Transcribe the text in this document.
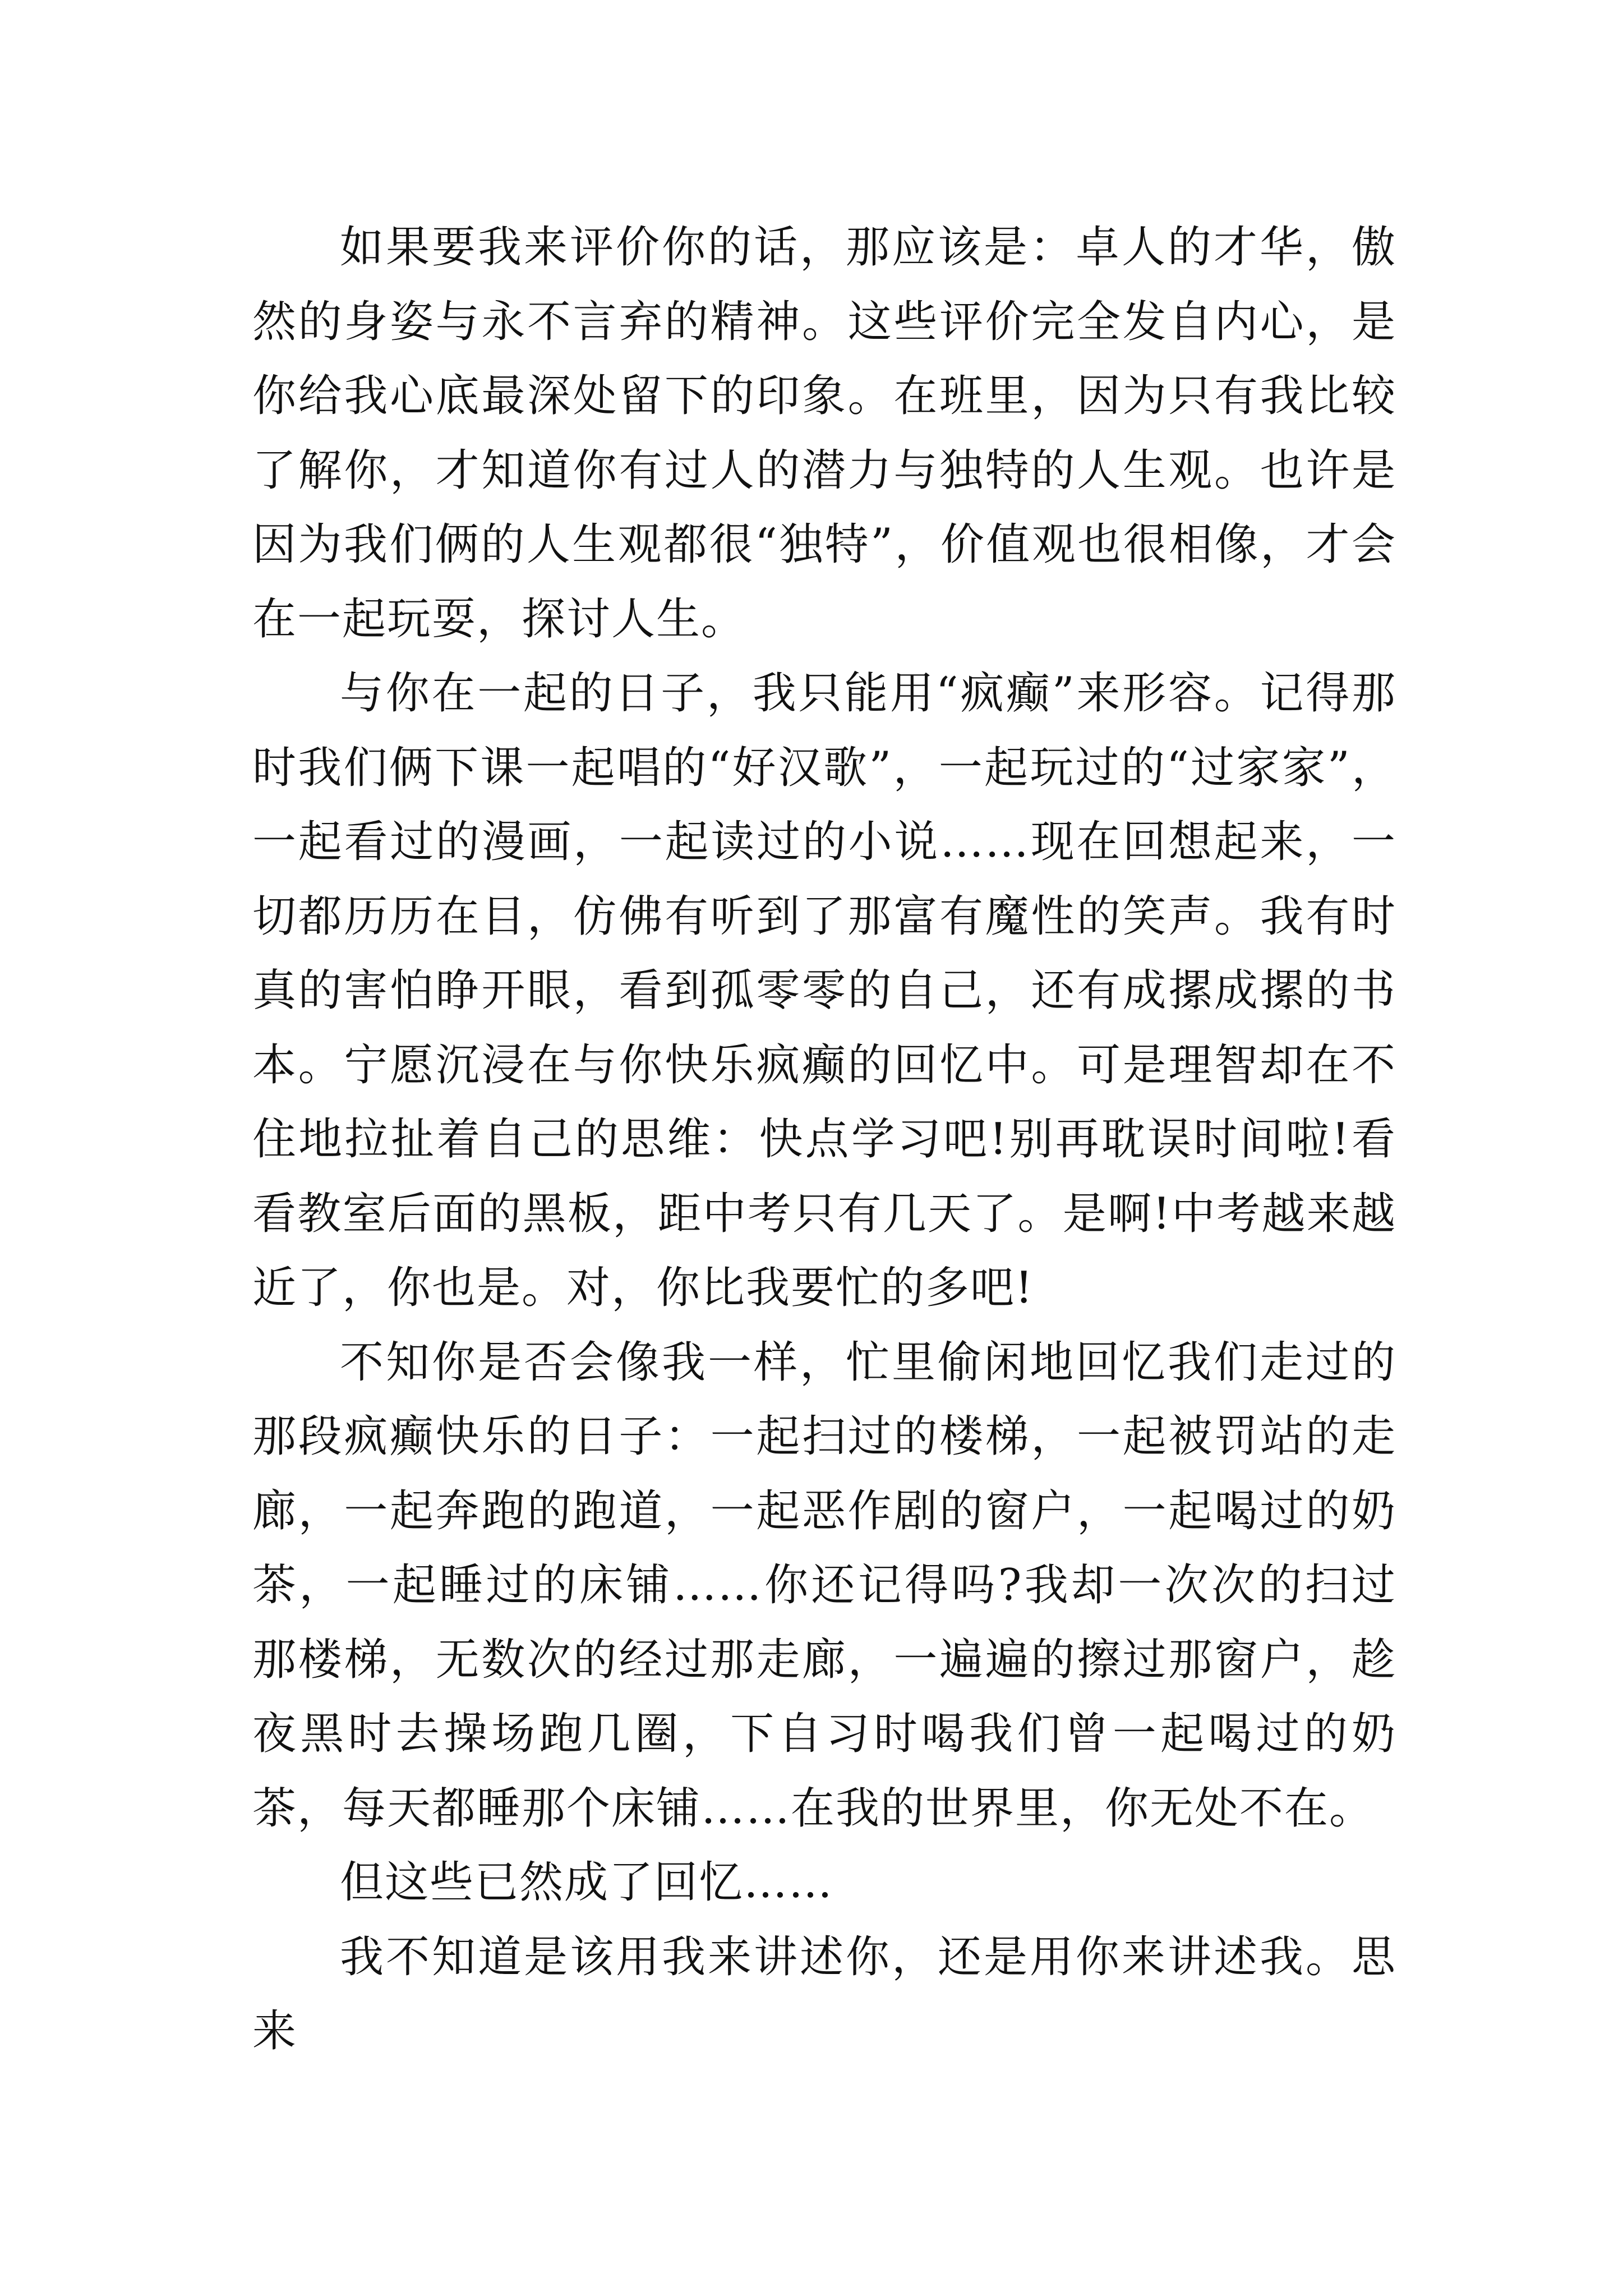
如果要我来评价你的话，那应该是：卓人的才华，傲然的身姿与永不言弃的精神。这些评价完全发自内心，是你给我心底最深处留下的印象。在班里，因为只有我比较了解你，才知道你有过人的潜力与独特的人生观。也许是因为我们俩的人生观都很“独特”，价值观也很相像，才会在一起玩耍，探讨人生。

与你在一起的日子，我只能用“疯癫”来形容。记得那时我们俩下课一起唱的“好汉歌”，一起玩过的“过家家”，一起看过的漫画，一起读过的小说……现在回想起来，一切都历历在目，仿佛有听到了那富有魔性的笑声。我有时真的害怕睁开眼，看到孤零零的自己，还有成摞成摞的书本。宁愿沉浸在与你快乐疯癫的回忆中。可是理智却在不住地拉扯着自己的思维：快点学习吧!别再耽误时间啦!看看教室后面的黑板，距中考只有几天了。是啊!中考越来越近了，你也是。对，你比我要忙的多吧!

不知你是否会像我一样，忙里偷闲地回忆我们走过的那段疯癫快乐的日子：一起扫过的楼梯，一起被罚站的走廊，一起奔跑的跑道，一起恶作剧的窗户，一起喝过的奶茶，一起睡过的床铺……你还记得吗?我却一次次的扫过那楼梯，无数次的经过那走廊，一遍遍的擦过那窗户，趁夜黑时去操场跑几圈，下自习时喝我们曾一起喝过的奶茶，每天都睡那个床铺……在我的世界里，你无处不在。

但这些已然成了回忆……

我不知道是该用我来讲述你，还是用你来讲述我。思来
